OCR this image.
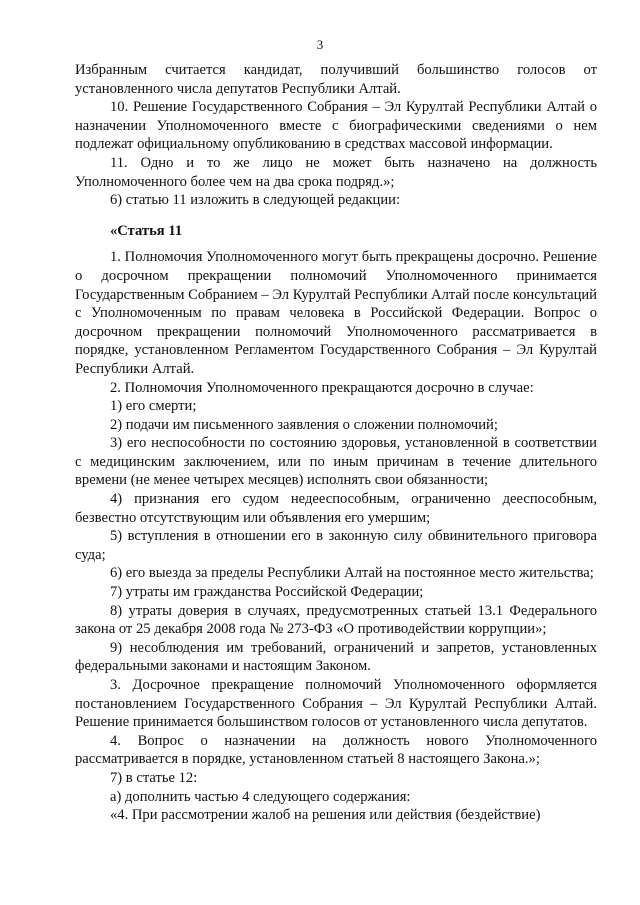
3

Избранным считается кандидат, получивший большинство голосов от установленного числа депутатов Республики Алтай.

10. Решение Государственного Собрания – Эл Курултай Республики Алтай о назначении Уполномоченного вместе с биографическими сведениями о нем подлежат официальному опубликованию в средствах массовой информации.

11. Одно и то же лицо не может быть назначено на должность Уполномоченного более чем на два срока подряд.»;

6) статью 11 изложить в следующей редакции:

«Статья 11

1. Полномочия Уполномоченного могут быть прекращены досрочно. Решение о досрочном прекращении полномочий Уполномоченного принимается Государственным Собранием – Эл Курултай Республики Алтай после консультаций с Уполномоченным по правам человека в Российской Федерации. Вопрос о досрочном прекращении полномочий Уполномоченного рассматривается в порядке, установленном Регламентом Государственного Собрания – Эл Курултай Республики Алтай.

2. Полномочия Уполномоченного прекращаются досрочно в случае:

1) его смерти;

2) подачи им письменного заявления о сложении полномочий;

3) его неспособности по состоянию здоровья, установленной в соответствии с медицинским заключением, или по иным причинам в течение длительного времени (не менее четырех месяцев) исполнять свои обязанности;

4) признания его судом недееспособным, ограниченно дееспособным, безвестно отсутствующим или объявления его умершим;

5) вступления в отношении его в законную силу обвинительного приговора суда;

6) его выезда за пределы Республики Алтай на постоянное место жительства;

7) утраты им гражданства Российской Федерации;

8) утраты доверия в случаях, предусмотренных статьей 13.1 Федерального закона от 25 декабря 2008 года № 273-ФЗ «О противодействии коррупции»;

9) несоблюдения им требований, ограничений и запретов, установленных федеральными законами и настоящим Законом.

3. Досрочное прекращение полномочий Уполномоченного оформляется постановлением Государственного Собрания – Эл Курултай Республики Алтай. Решение принимается большинством голосов от установленного числа депутатов.

4. Вопрос о назначении на должность нового Уполномоченного рассматривается в порядке, установленном статьей 8 настоящего Закона.»;

7) в статье 12:

а) дополнить частью 4 следующего содержания:

«4. При рассмотрении жалоб на решения или действия (бездействие)
